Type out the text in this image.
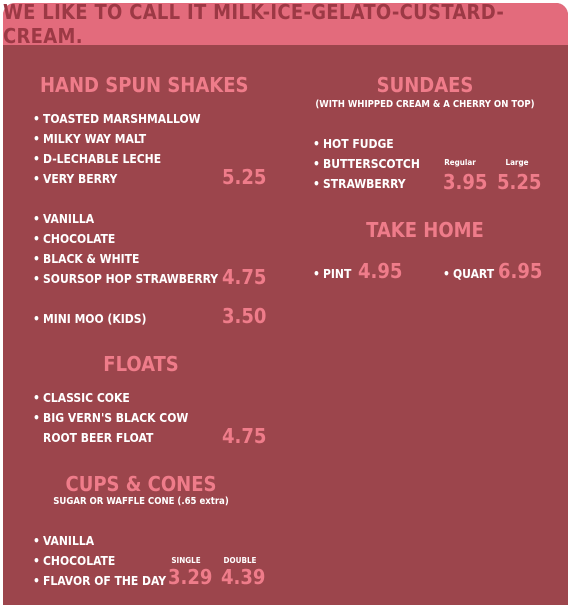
WE LIKE TO CALL IT MILK-ICE-GELATO-CUSTARD-CREAM.
HAND SPUN SHAKES
• TOASTED MARSHMALLOW
• MILKY WAY MALT
• D-LECHABLE LECHE
• VERY BERRY	5.25
• VANILLA
• CHOCOLATE
• BLACK & WHITE
• SOURSOP HOP STRAWBERRY 4.75
• MINI MOO (KIDS)	3.50
FLOATS
• CLASSIC COKE
• BIG VERN'S BLACK COW
ROOT BEER FLOAT	4.75
CUPS & CONES
SUGAR OR WAFFLE CONE (.65 extra)
• VANILLA
• CHOCOLATE
• FLAVOR OF THE DAY
SINGLE	DOUBLE
3.29 4.39
SUNDAES
(WITH WHIPPED CREAM & A CHERRY ON TOP)
• HOT FUDGE
• BUTTERSCOTCH
• STRAWBERRY
Regular	Large
3.95 5.25
TAKE HOME
• PINT 4.95	• QUART 6.95
